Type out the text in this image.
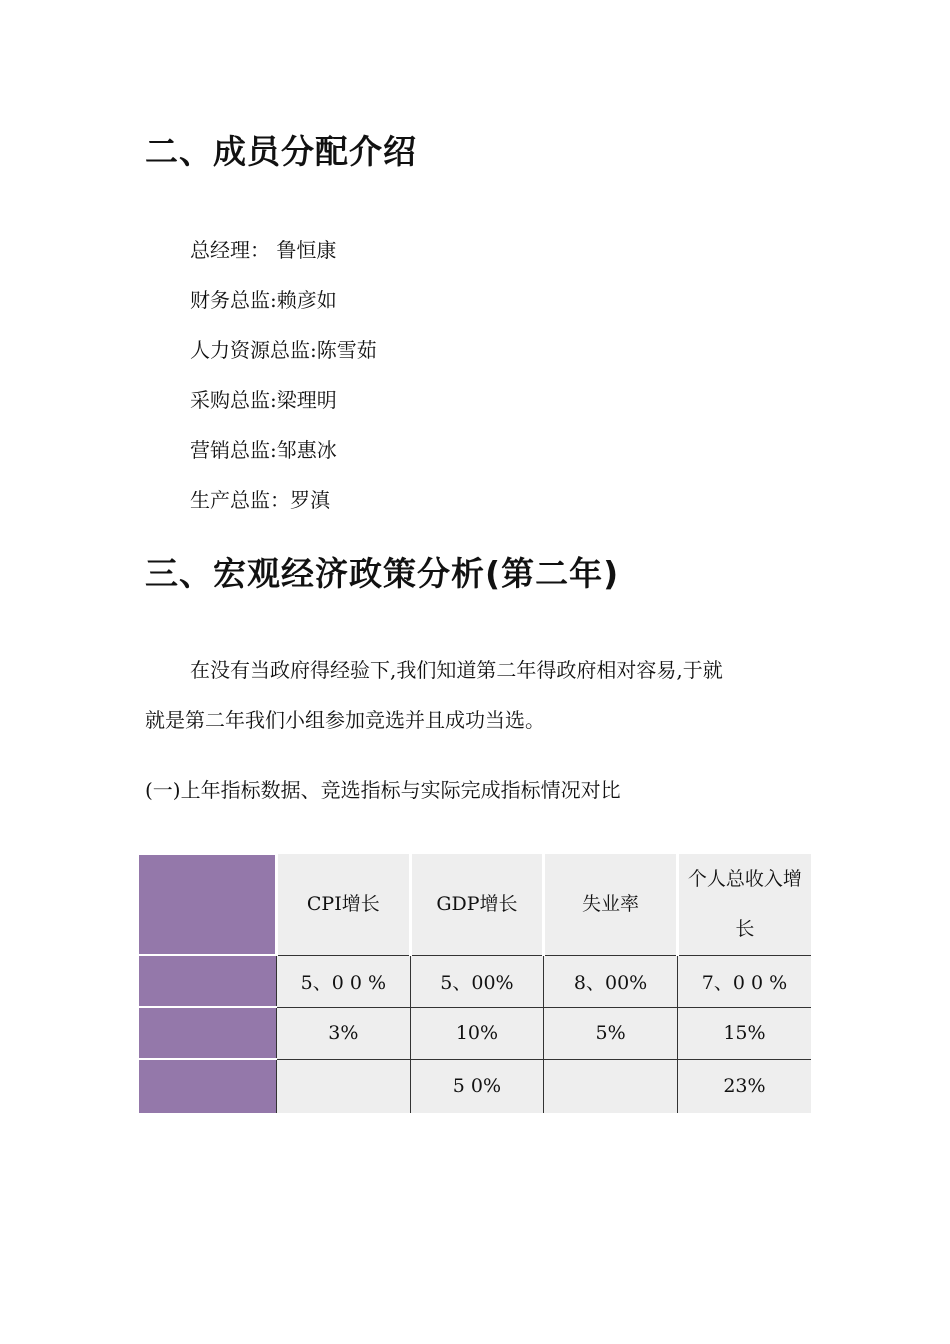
二、成员分配介绍
总经理： 鲁恒康
财务总监:赖彦如
人力资源总监:陈雪茹
采购总监:梁理明
营销总监:邹惠冰
生产总监：罗滇
三、宏观经济政策分析(第二年)
在没有当政府得经验下,我们知道第二年得政府相对容易,于就
就是第二年我们小组参加竞选并且成功当选。
(一)上年指标数据、竞选指标与实际完成指标情况对比
	CPI增长	GDP增长	失业率	个人总收入增长
	5、0 0 %	5、00%	8、00%	7、0 0 %
	3%	10%	5%	15%
		5 0%		23%
